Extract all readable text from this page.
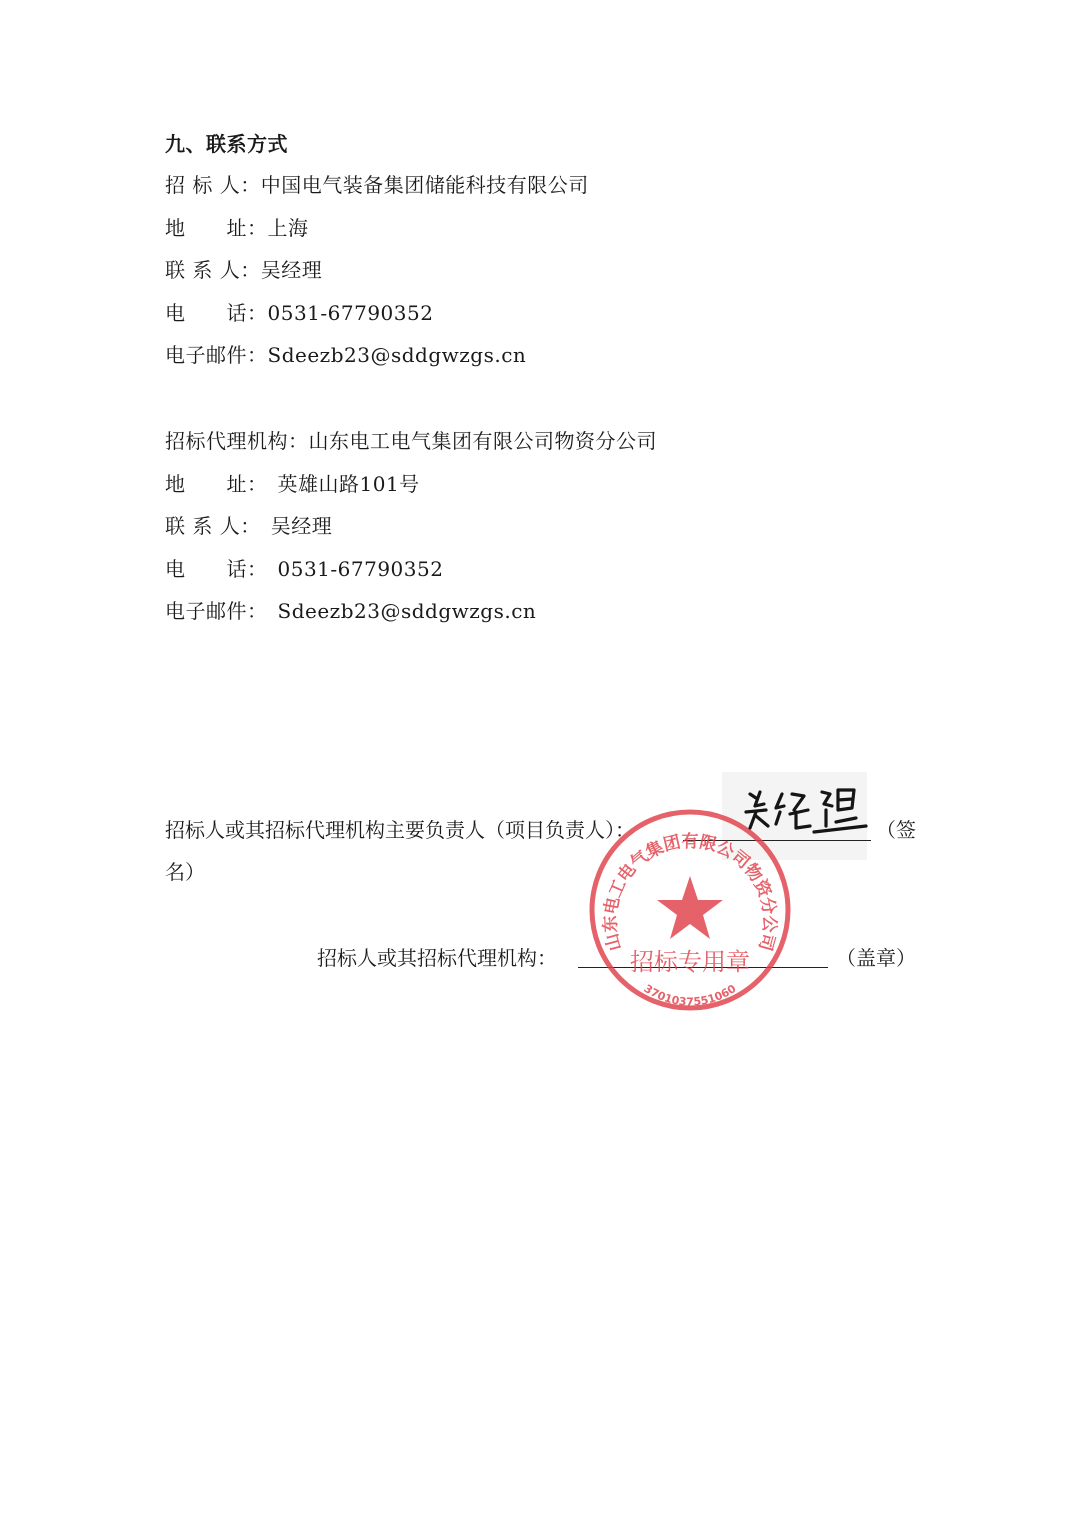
九、联系方式
招 标 人：中国电气装备集团储能科技有限公司
地　　址：上海
联 系 人：吴经理
电　　话：0531-67790352
电子邮件：Sdeezb23@sddgwzgs.cn
招标代理机构：山东电工电气集团有限公司物资分公司
地　　址： 英雄山路101号
联 系 人： 吴经理
电　　话： 0531-67790352
电子邮件： Sdeezb23@sddgwzgs.cn
招标人或其招标代理机构主要负责人（项目负责人）：	（签
名）
招标人或其招标代理机构：	（盖章）
山东电工电气集团有限公司物资分公司
招标专用章
3701037551060
